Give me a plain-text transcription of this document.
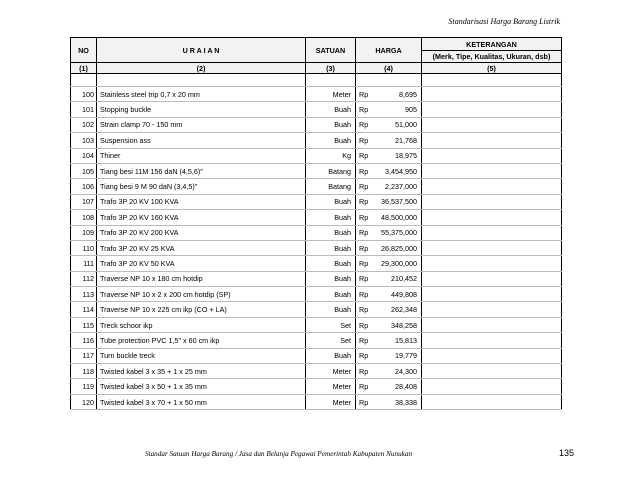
Standarisasi Harga Barang Listrik
NO	U R A I A N	SATUAN	HARGA		KETERANGAN
					(Merk, Tipe, Kualitas, Ukuran, dsb)
(1)	(2)	(3)	(4)		(5)

100	Stainless steel trip 0,7 x 20 mm	Meter	Rp	8,695	
101	Stopping buckle	Buah	Rp	905	
102	Strain clamp 70 - 150 mm	Buah	Rp	51,000	
103	Suspension ass	Buah	Rp	21,768	
104	Thiner	Kg	Rp	18,975	
105	Tiang besi 11M 156 daN (4,5,6)"	Batang	Rp	3,454,950	
106	Tiang besi 9 M 90 daN (3,4,5)"	Batang	Rp	2,237,000	
107	Trafo 3P 20 KV 100 KVA	Buah	Rp	36,537,500	
108	Trafo 3P 20 KV 160 KVA	Buah	Rp	48,500,000	
109	Trafo 3P 20 KV 200 KVA	Buah	Rp	55,375,000	
110	Trafo 3P 20 KV 25 KVA	Buah	Rp	26,825,000	
111	Trafo 3P 20 KV 50 KVA	Buah	Rp	29,300,000	
112	Traverse NP 10 x 180 cm hotdip	Buah	Rp	210,452	
113	Traverse NP 10 x 2 x 200 cm hotdip (SP)	Buah	Rp	449,808	
114	Traverse NP 10 x 225 cm ikp (CO + LA)	Buah	Rp	262,348	
115	Treck schoor ikp	Set	Rp	348,258	
116	Tube protection PVC 1,5" x 60 cm ikp	Set	Rp	15,813	
117	Turn buckle treck	Buah	Rp	19,779	
118	Twisted kabel 3 x 35 + 1 x 25 mm	Meter	Rp	24,300	
119	Twisted kabel 3 x 50 + 1 x 35 mm	Meter	Rp	28,408	
120	Twisted kabel 3 x 70 + 1 x 50 mm	Meter	Rp	38,338	
Standar Satuan Harga Barang / Jasa dan Belanja Pegawai Pemerintah Kabupaten Nunukan	135
